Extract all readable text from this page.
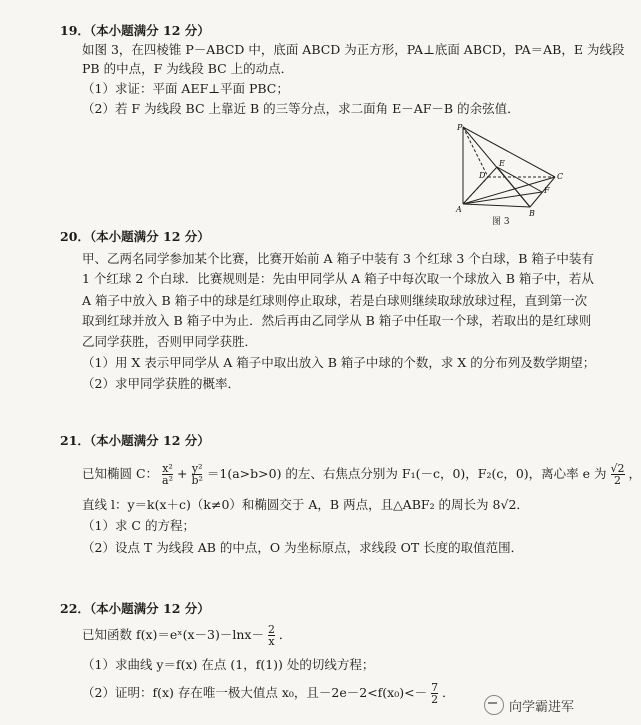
19．（本小题满分 12 分）
如图 3，在四棱锥 P－ABCD 中，底面 ABCD 为正方形，PA⊥底面 ABCD，PA＝AB，E 为线段
PB 的中点，F 为线段 BC 上的动点．
（1）求证：平面 AEF⊥平面 PBC；
（2）若 F 为线段 BC 上靠近 B 的三等分点，求二面角 E－AF－B 的余弦值．
P
E
D	C
F
A	B
图 3
20．（本小题满分 12 分）
甲、乙两名同学参加某个比赛，比赛开始前 A 箱子中装有 3 个红球 3 个白球，B 箱子中装有
1 个红球 2 个白球．比赛规则是：先由甲同学从 A 箱子中每次取一个球放入 B 箱子中，若从
A 箱子中放入 B 箱子中的球是红球则停止取球，若是白球则继续取球放球过程，直到第一次
取到红球并放入 B 箱子中为止．然后再由乙同学从 B 箱子中任取一个球，若取出的是红球则
乙同学获胜，否则甲同学获胜．
（1）用 X 表示甲同学从 A 箱子中取出放入 B 箱子中球的个数，求 X 的分布列及数学期望；
（2）求甲同学获胜的概率．
21．（本小题满分 12 分）
已知椭圆 C： $\frac{\text{x²}}{\text{a²}} + \frac{\text{y²}}{\text{b²}} =1(a>b>0)$ 的左、右焦点分别为 F₁(－c，0)，F₂(c，0)，离心率 e 为 $\frac{√2}{2}$ ，
直线 l：y＝k(x＋c)（k≠0）和椭圆交于 A，B 两点，且△ABF₂ 的周长为 8√2．
（1）求 C 的方程；
（2）设点 T 为线段 AB 的中点，O 为坐标原点，求线段 OT 长度的取值范围．
22．（本小题满分 12 分）
已知函数 f(x)＝eˣ(x－3)－lnx－ $\frac{2}{x}$ ．
（1）求曲线 y＝f(x) 在点 (1，f(1)) 处的切线方程；
（2）证明：f(x) 存在唯一极大值点 x₀，且$-2e-2<f(x_0)<- \frac{7}{2}$ ．
向学霸进军
